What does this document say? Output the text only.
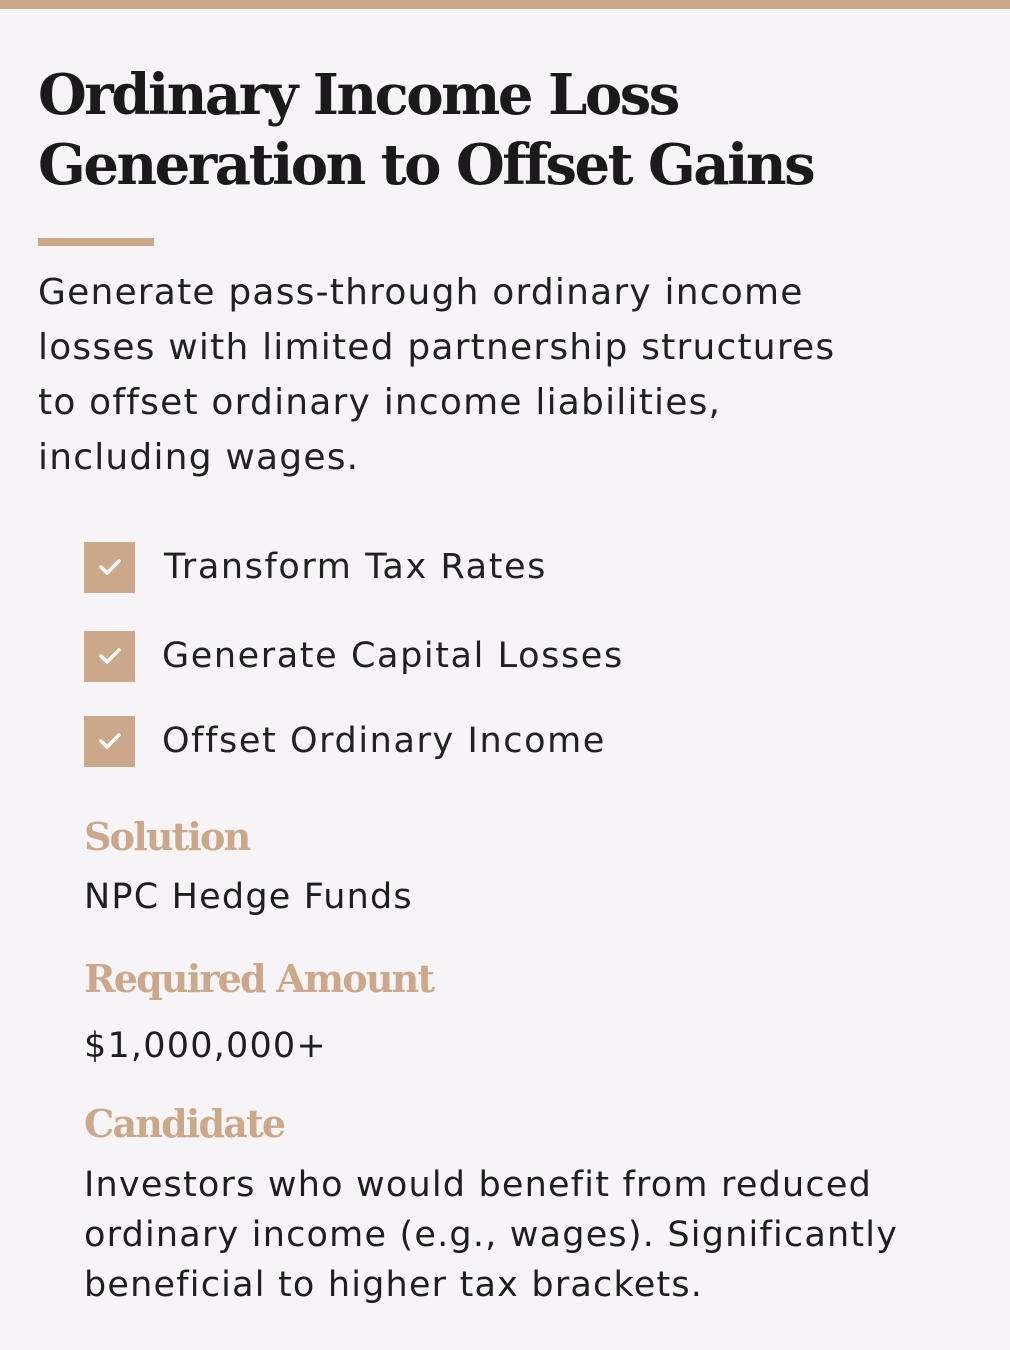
Ordinary Income Loss
Generation to Offset Gains

Generate pass-through ordinary income
losses with limited partnership structures
to offset ordinary income liabilities,
including wages.

Transform Tax Rates
Generate Capital Losses
Offset Ordinary Income
Solution

NPC Hedge Funds

Required Amount

$1,000,000+

Candidate

Investors who would benefit from reduced
ordinary income (e.g., wages). Significantly
beneficial to higher tax brackets.
